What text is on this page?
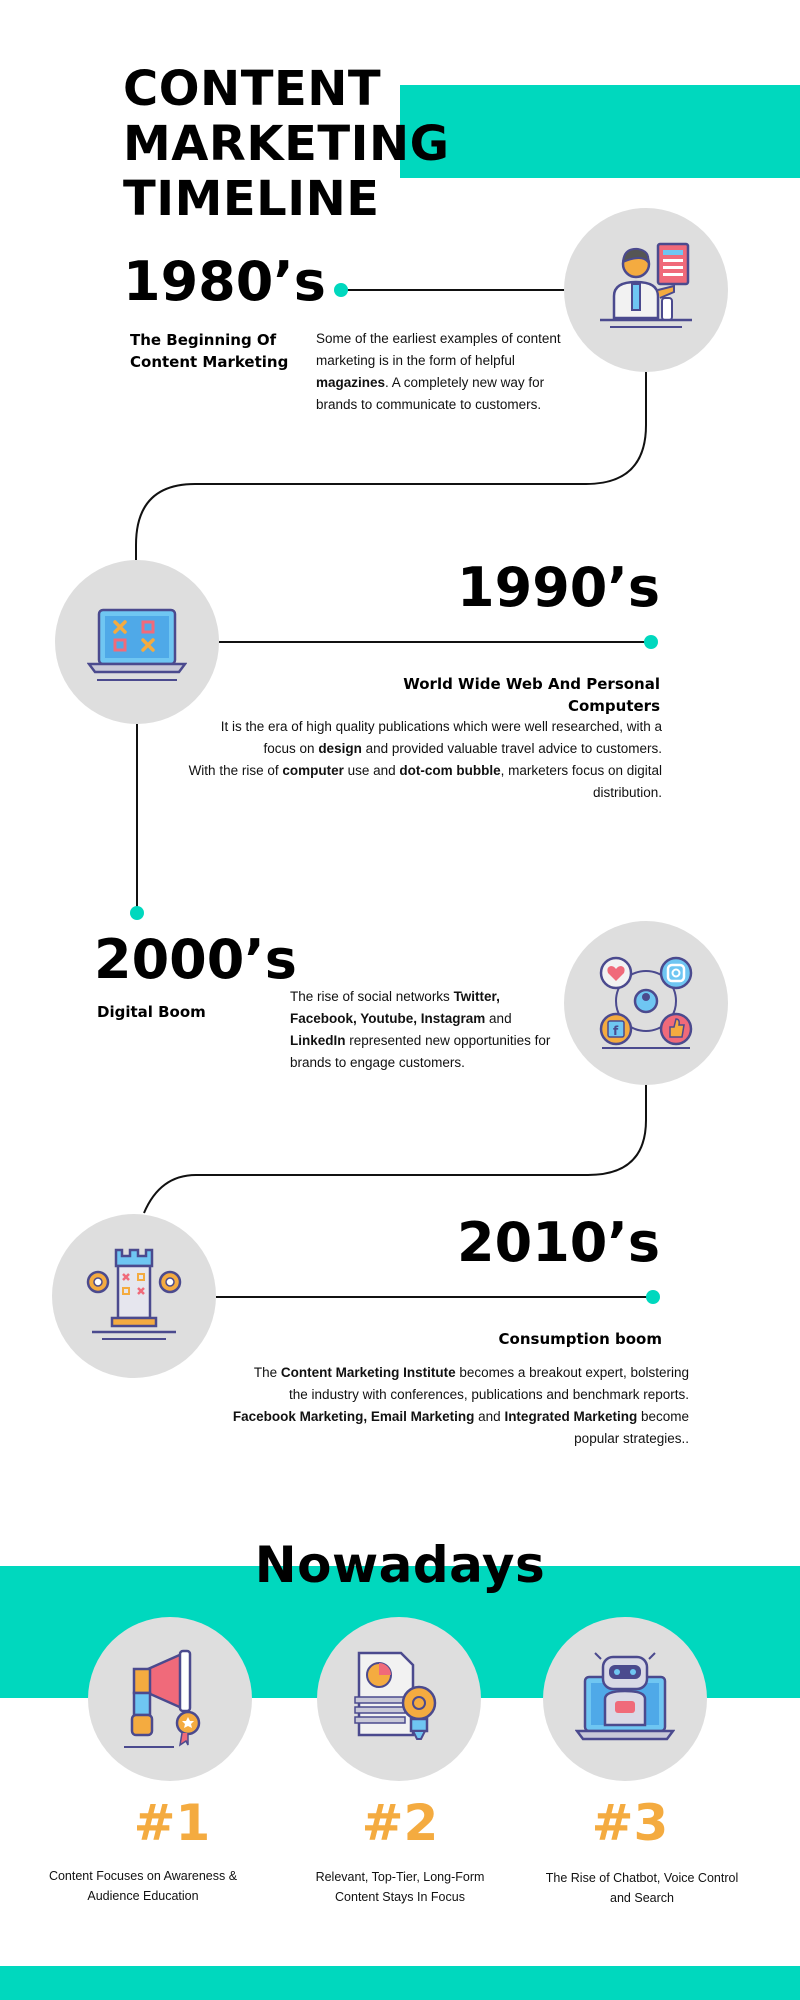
CONTENT MARKETING
TIMELINE
1980’s
The Beginning Of
Content Marketing
Some of the earliest examples of content
marketing is in the form of helpful
magazines. A completely new way for
brands to communicate to customers.
1990’s
World Wide Web And Personal
Computers
It is the era of high quality publications which were well researched, with a
focus on design and provided valuable travel advice to customers.
With the rise of computer use and dot-com bubble, marketers focus on digital
distribution.
2000’s
Digital Boom
The rise of social networks Twitter,
Facebook, Youtube, Instagram and
LinkedIn represented new opportunities for
brands to engage customers.
f
2010’s
Consumption boom
The Content Marketing Institute becomes a breakout expert, bolstering
the industry with conferences, publications and benchmark reports.
Facebook Marketing, Email Marketing and Integrated Marketing become
popular strategies..
Nowadays
#1	#2	#3
Content Focuses on Awareness &
Audience Education
Relevant, Top-Tier, Long-Form
Content Stays In Focus
The Rise of Chatbot, Voice Control
and Search
